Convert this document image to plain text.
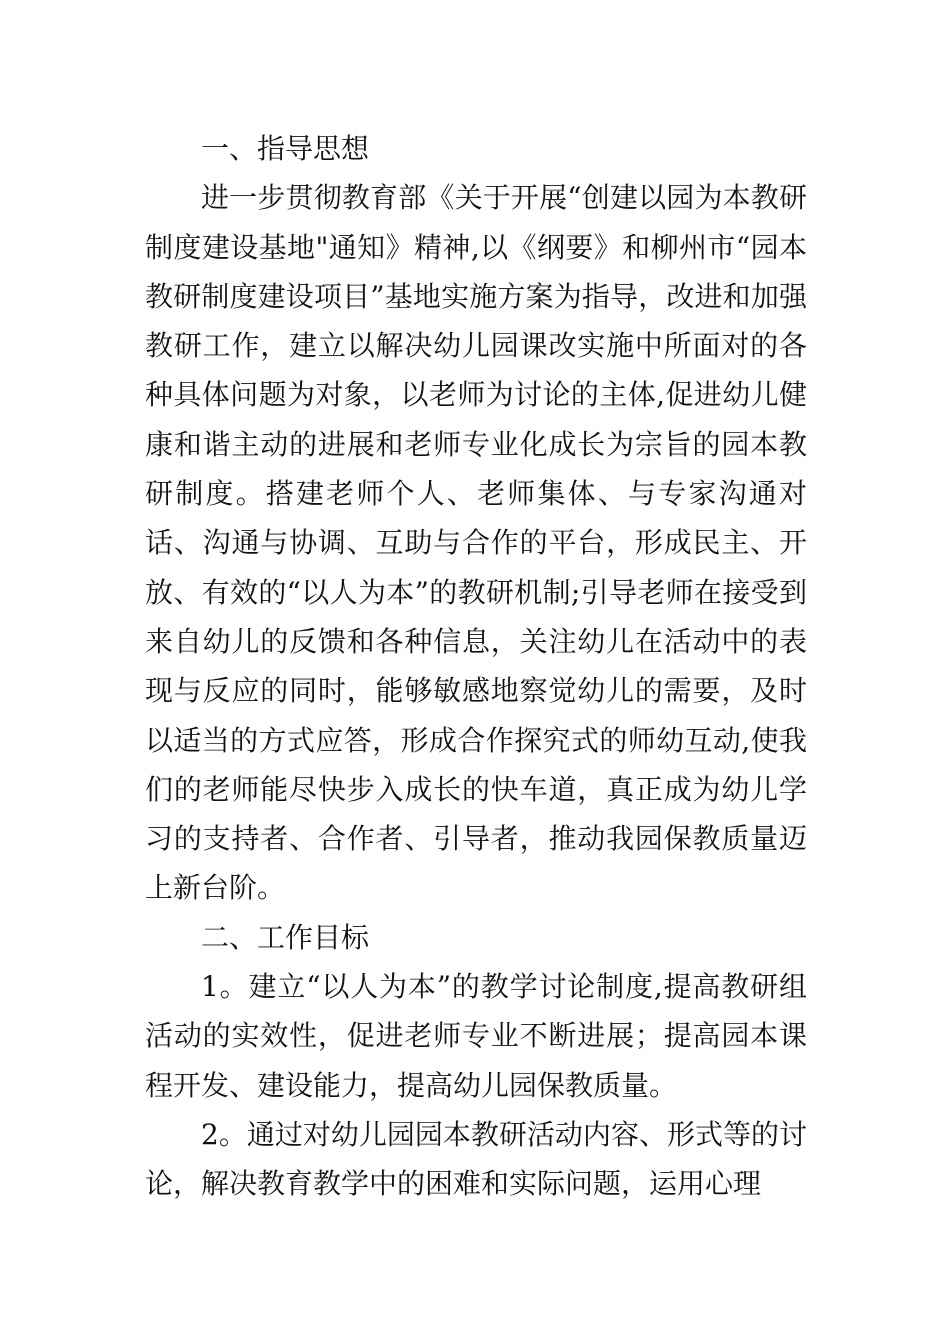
一、指导思想

进一步贯彻教育部《关于开展“创建以园为本教研制度建设基地"通知》精神,以《纲要》和柳州市“园本教研制度建设项目”基地实施方案为指导，改进和加强教研工作，建立以解决幼儿园课改实施中所面对的各种具体问题为对象，以老师为讨论的主体,促进幼儿健康和谐主动的进展和老师专业化成长为宗旨的园本教研制度。搭建老师个人、老师集体、与专家沟通对话、沟通与协调、互助与合作的平台，形成民主、开放、有效的“以人为本”的教研机制;引导老师在接受到来自幼儿的反馈和各种信息，关注幼儿在活动中的表现与反应的同时，能够敏感地察觉幼儿的需要，及时以适当的方式应答，形成合作探究式的师幼互动,使我们的老师能尽快步入成长的快车道，真正成为幼儿学习的支持者、合作者、引导者，推动我园保教质量迈上新台阶。

二、工作目标

1。建立“以人为本”的教学讨论制度,提高教研组活动的实效性，促进老师专业不断进展；提高园本课程开发、建设能力，提高幼儿园保教质量。

2。通过对幼儿园园本教研活动内容、形式等的讨论，解决教育教学中的困难和实际问题，运用心理
